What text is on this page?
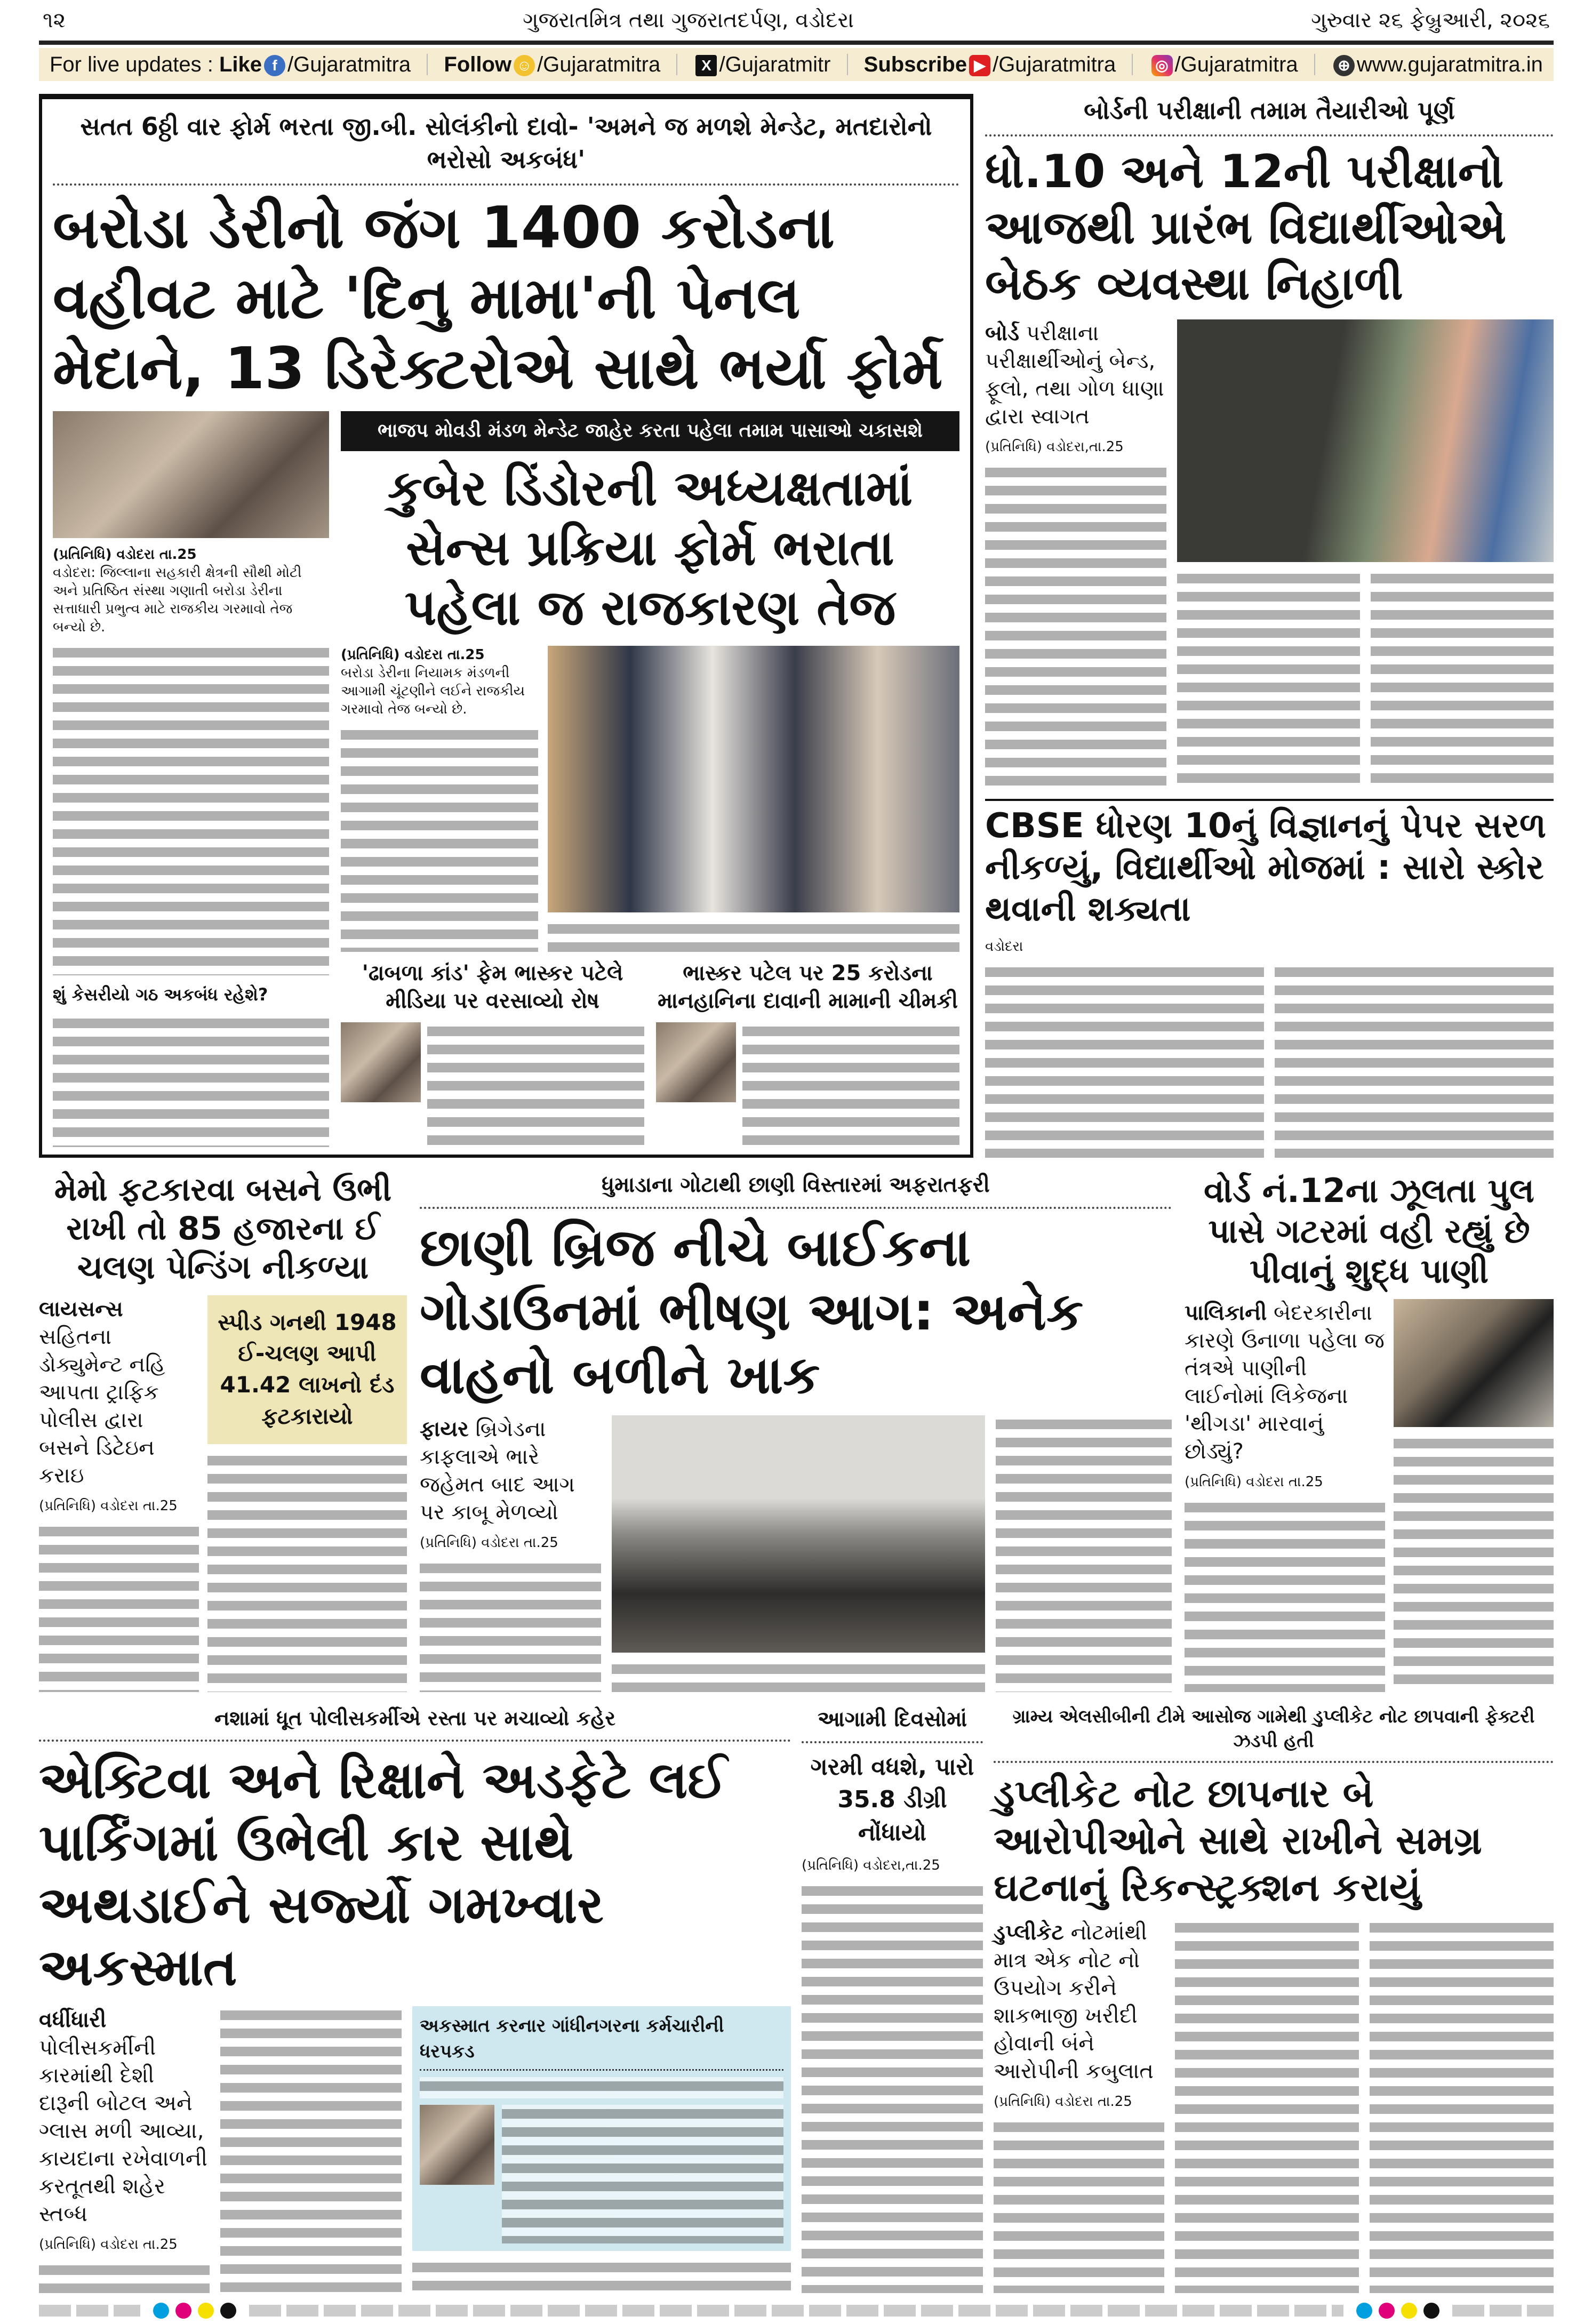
૧૨	ગુજરાતમિત્ર તથા ગુજરાતદર્પણ, વડોદરા	ગુરુવાર ૨૬ ફેબ્રુઆરી, ૨૦૨૬
For live updates : Like f /Gujaratmitra Follow ☺ /Gujaratmitra	X /Gujaratmitr Subscribe ▶ /Gujaratmitra	◎ /Gujaratmitra	⊕ www.gujaratmitra.in
સતત 6ઠ્ઠી વાર ફોર્મ ભરતા જી.બી. સોલંકીનો દાવો- 'અમને જ મળશે મેન્ડેટ, મતદારોનો ભરોસો અકબંધ'
બરોડા ડેરીનો જંગ 1400 કરોડના વહીવટ માટે 'દિનુ મામા'ની પેનલ મેદાને, 13 ડિરેક્ટરોએ સાથે ભર્યા ફોર્મ
(પ્રતિનિધિ) વડોદરા તા.25
વડોદરા: જિલ્લાના સહકારી ક્ષેત્રની સૌથી મોટી અને પ્રતિષ્ઠિત સંસ્થા ગણાતી બરોડા ડેરીના સત્તાધારી પ્રભુત્વ માટે રાજકીય ગરમાવો તેજ બન્યો છે.
શું કેસરીયો ગઠ અકબંધ રહેશે?
ભાજપ મોવડી મંડળ મેન્ડેટ જાહેર કરતા પહેલા તમામ પાસાઓ ચકાસશે
કુબેર ડિંડોરની અધ્યક્ષતામાં સેન્સ પ્રક્રિયા ફોર્મ ભરાતા પહેલા જ રાજકારણ તેજ
(પ્રતિનિધિ) વડોદરા તા.25
બરોડા ડેરીના નિયામક મંડળની આગામી ચૂંટણીને લઈને રાજકીય ગરમાવો તેજ બન્યો છે.
'ઢાબળા કાંડ' ફેમ ભાસ્કર પટેલે મીડિયા પર વરસાવ્યો રોષ
ભાસ્કર પટેલ પર 25 કરોડના માનહાનિના દાવાની મામાની ચીમકી
બોર્ડની પરીક્ષાની તમામ તૈયારીઓ પૂર્ણ
ધો.10 અને 12ની પરીક્ષાનો આજથી પ્રારંભ વિદ્યાર્થીઓએ બેઠક વ્યવસ્થા નિહાળી
બોર્ડ પરીક્ષાના પરીક્ષાર્થીઓનું બેન્ડ, ફૂલો, તથા ગોળ ધાણા દ્વારા સ્વાગત
(પ્રતિનિધિ) વડોદરા,તા.25
CBSE ધોરણ 10નું વિજ્ઞાનનું પેપર સરળ નીકળ્યું, વિદ્યાર્થીઓ મોજમાં : સારો સ્કોર થવાની શક્યતા
વડોદરા
મેમો ફટકારવા બસને ઉભી રાખી તો 85 હજારના ઈ ચલણ પેન્ડિંગ નીકળ્યા
લાયસન્સ સહિતના ડોક્યુમેન્ટ નહિ આપતા ટ્રાફિક પોલીસ દ્વારા બસને ડિટેઇન કરાઇ
(પ્રતિનિધિ) વડોદરા તા.25
સ્પીડ ગનથી 1948 ઈ-ચલણ આપી 41.42 લાખનો દંડ ફટકારાયો
ધુમાડાના ગોટાથી છાણી વિસ્તારમાં અફરાતફરી
છાણી બ્રિજ નીચે બાઈકના ગોડાઉનમાં ભીષણ આગ: અનેક વાહનો બળીને ખાક
ફાયર બ્રિગેડના કાફલાએ ભારે જહેમત બાદ આગ પર કાબૂ મેળવ્યો
(પ્રતિનિધિ) વડોદરા તા.25
વોર્ડ નં.12ના ઝૂલતા પુલ પાસે ગટરમાં વહી રહ્યું છે પીવાનું શુદ્ધ પાણી
પાલિકાની બેદરકારીના કારણે ઉનાળા પહેલા જ તંત્રએ પાણીની લાઈનોમાં લિકેજના 'થીગડા' મારવાનું છોડ્યું?
(પ્રતિનિધિ) વડોદરા તા.25
નશામાં ધૂત પોલીસકર્મીએ રસ્તા પર મચાવ્યો કહેર
એક્ટિવા અને રિક્ષાને અડફેટે લઈ પાર્કિંગમાં ઉભેલી કાર સાથે અથડાઈને સર્જ્યો ગમખ્વાર અકસ્માત
વર્ધીધારી પોલીસકર્મીની કારમાંથી દેશી દારૂની બોટલ અને ગ્લાસ મળી આવ્યા, કાયદાના રખેવાળની કરતૂતથી શહેર સ્તબ્ધ
(પ્રતિનિધિ) વડોદરા તા.25
અકસ્માત કરનાર ગાંધીનગરના કર્મચારીની ધરપકડ
આગામી દિવસોમાં
ગરમી વધશે, પારો 35.8 ડીગ્રી નોંધાયો
(પ્રતિનિધિ) વડોદરા,તા.25
ગ્રામ્ય એલસીબીની ટીમે આસોજ ગામેથી ડુપ્લીકેટ નોટ છાપવાની ફેક્ટરી ઝડપી હતી
ડુપ્લીકેટ નોટ છાપનાર બે આરોપીઓને સાથે રાખીને સમગ્ર ઘટનાનું રિકન્સ્ટ્રક્શન કરાયું
ડુપ્લીકેટ નોટમાંથી માત્ર એક નોટ નો ઉપયોગ કરીને શાકભાજી ખરીદી હોવાની બંને આરોપીની કબુલાત
(પ્રતિનિધિ) વડોદરા તા.25
